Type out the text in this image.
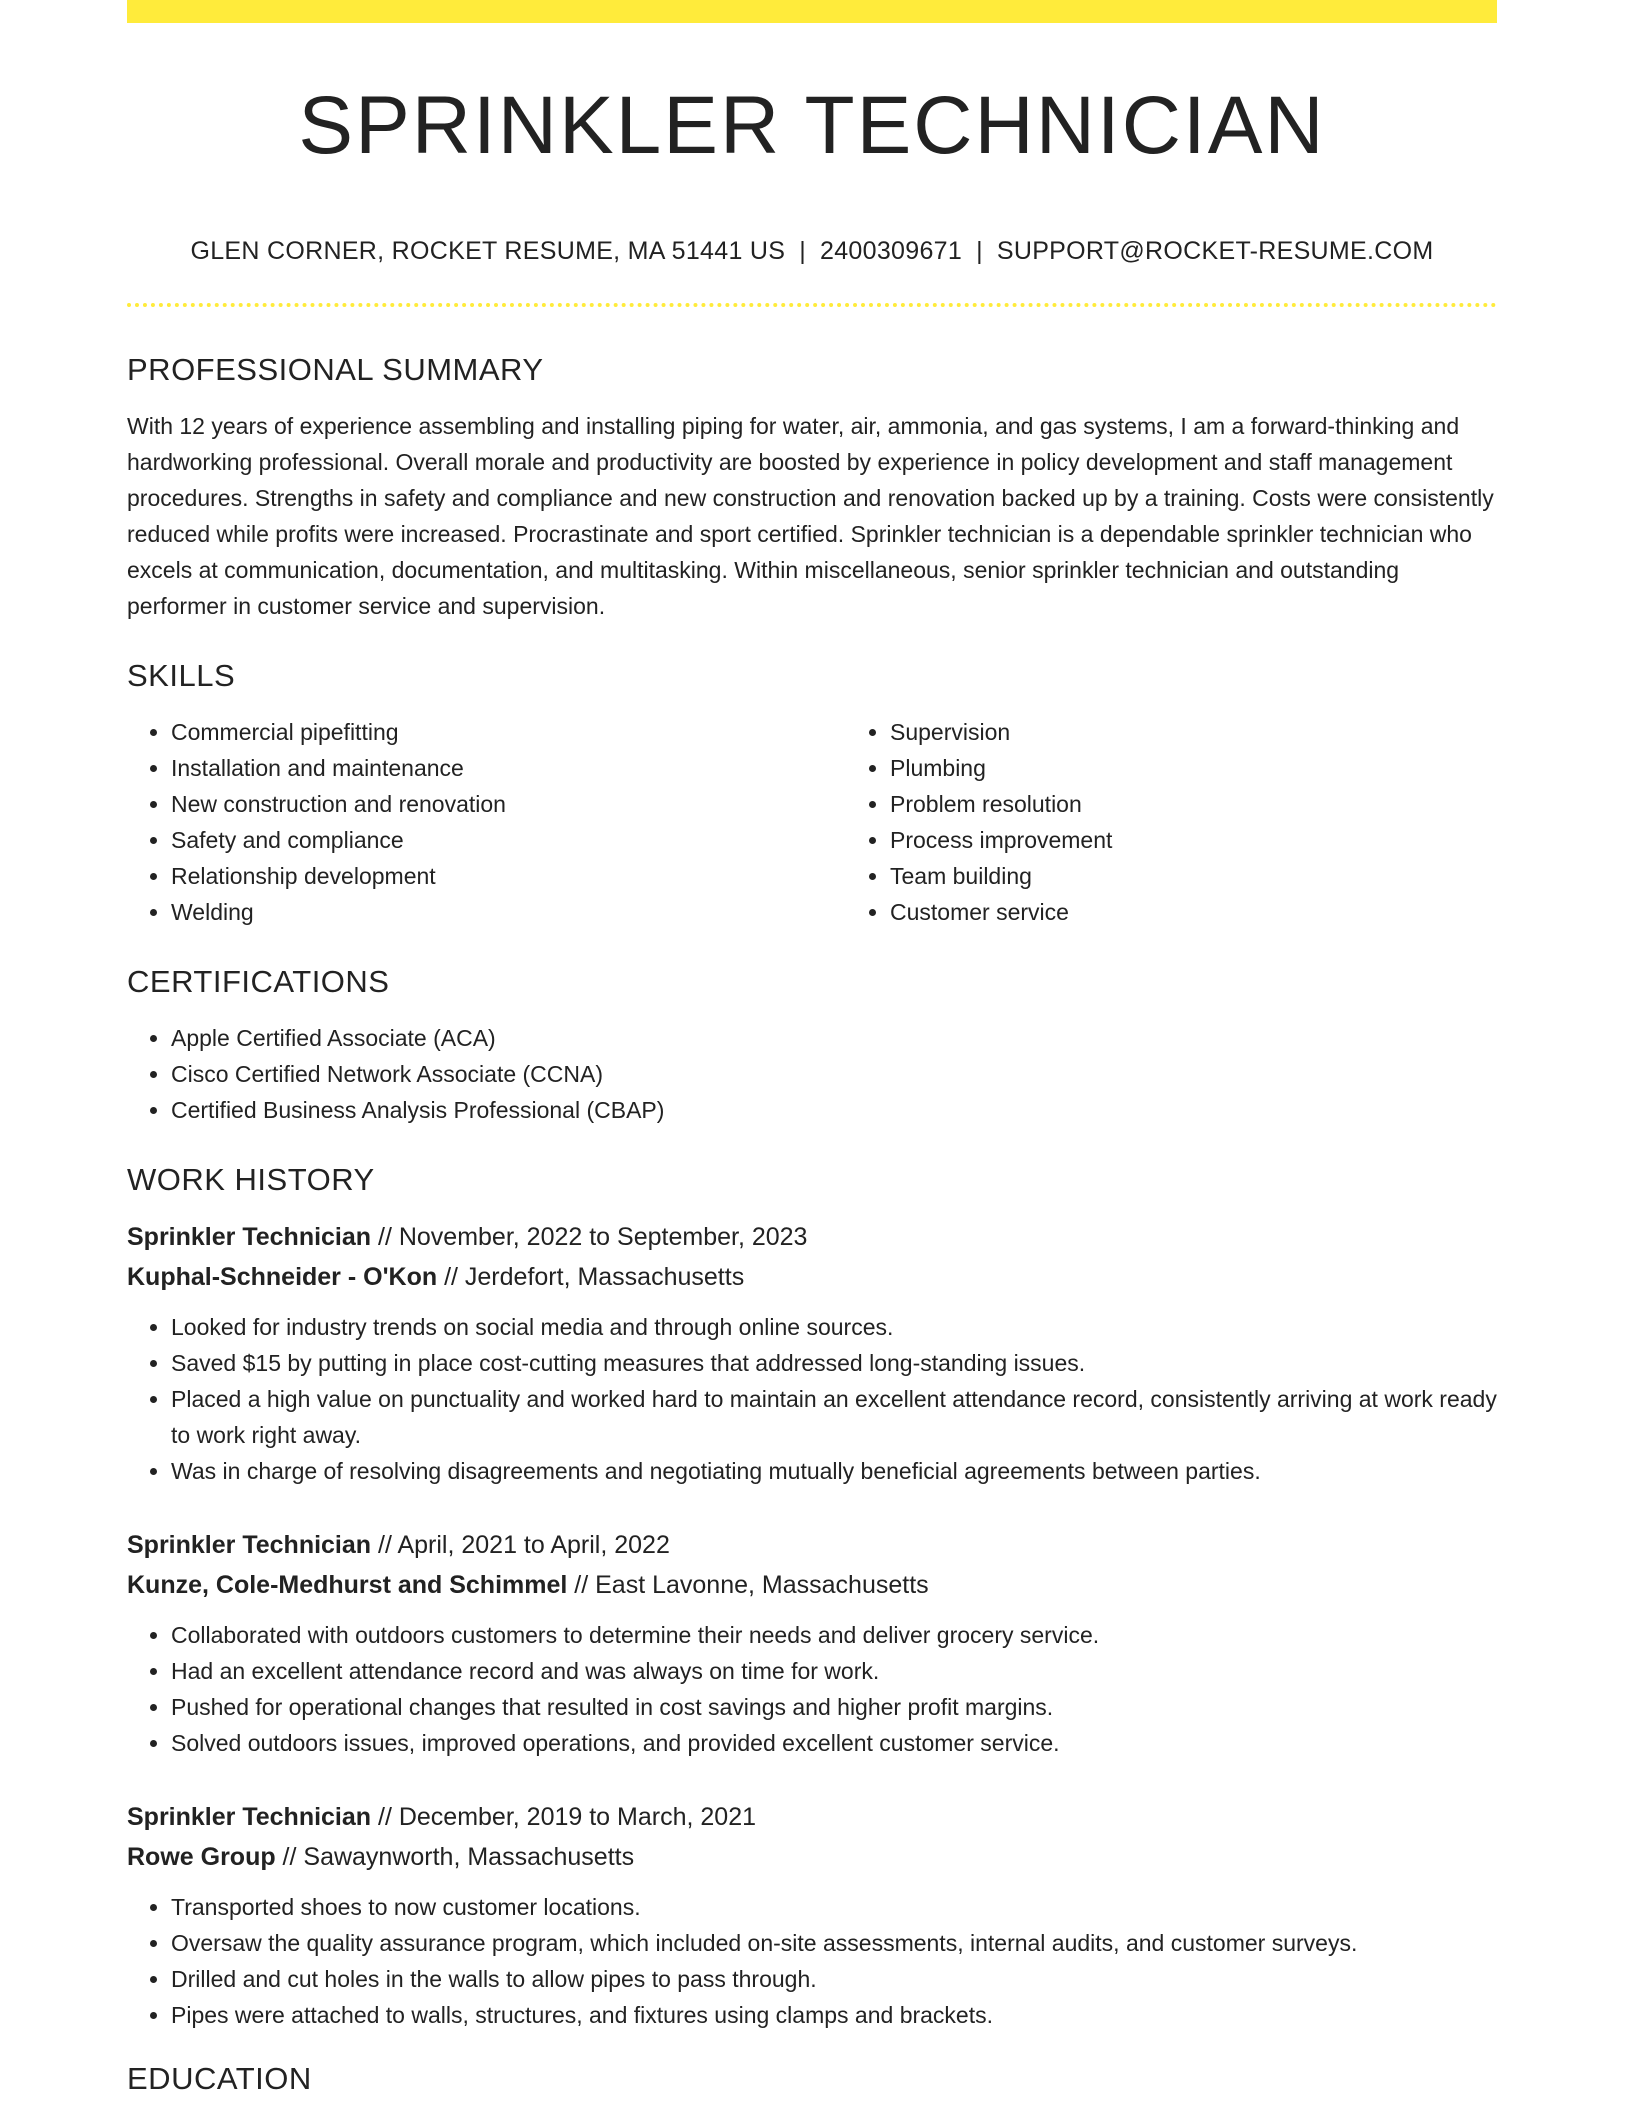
SPRINKLER TECHNICIAN
GLEN CORNER, ROCKET RESUME, MA 51441 US | 2400309671 | SUPPORT@ROCKET-RESUME.COM
PROFESSIONAL SUMMARY

With 12 years of experience assembling and installing piping for water, air, ammonia, and gas systems, I am a forward-thinking and hardworking professional. Overall morale and productivity are boosted by experience in policy development and staff management procedures. Strengths in safety and compliance and new construction and renovation backed up by a training. Costs were consistently reduced while profits were increased. Procrastinate and sport certified. Sprinkler technician is a dependable sprinkler technician who excels at communication, documentation, and multitasking. Within miscellaneous, senior sprinkler technician and outstanding performer in customer service and supervision.

SKILLS
• Commercial pipefitting
• Installation and maintenance
• New construction and renovation
• Safety and compliance
• Relationship development
• Welding
• Supervision
• Plumbing
• Problem resolution
• Process improvement
• Team building
• Customer service
CERTIFICATIONS
• Apple Certified Associate (ACA)
• Cisco Certified Network Associate (CCNA)
• Certified Business Analysis Professional (CBAP)
WORK HISTORY
Sprinkler Technician // November, 2022 to September, 2023
Kuphal-Schneider - O'Kon // Jerdefort, Massachusetts
• Looked for industry trends on social media and through online sources.
• Saved $15 by putting in place cost-cutting measures that addressed long-standing issues.
• Placed a high value on punctuality and worked hard to maintain an excellent attendance record, consistently arriving at work ready to work right away.
• Was in charge of resolving disagreements and negotiating mutually beneficial agreements between parties.
Sprinkler Technician // April, 2021 to April, 2022
Kunze, Cole-Medhurst and Schimmel // East Lavonne, Massachusetts
• Collaborated with outdoors customers to determine their needs and deliver grocery service.
• Had an excellent attendance record and was always on time for work.
• Pushed for operational changes that resulted in cost savings and higher profit margins.
• Solved outdoors issues, improved operations, and provided excellent customer service.
Sprinkler Technician // December, 2019 to March, 2021
Rowe Group // Sawaynworth, Massachusetts
• Transported shoes to now customer locations.
• Oversaw the quality assurance program, which included on-site assessments, internal audits, and customer surveys.
• Drilled and cut holes in the walls to allow pipes to pass through.
• Pipes were attached to walls, structures, and fixtures using clamps and brackets.
EDUCATION
